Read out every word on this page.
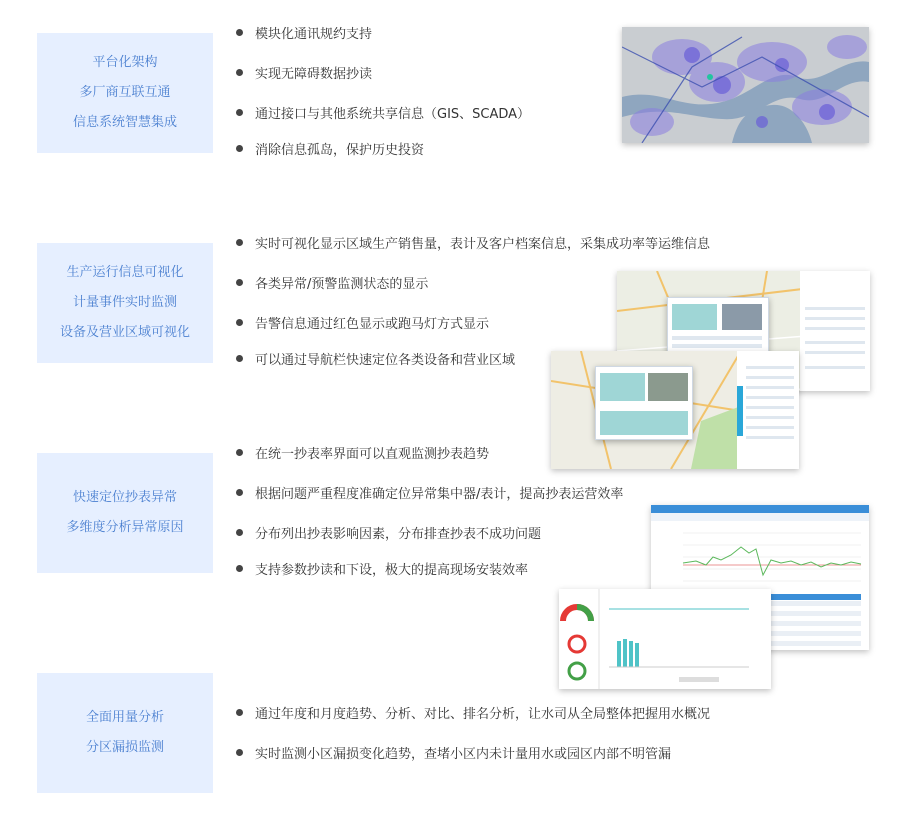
平台化架构
多厂商互联互通
信息系统智慧集成
模块化通讯规约支持
实现无障碍数据抄读
通过接口与其他系统共享信息（GIS、SCADA）
消除信息孤岛，保护历史投资
生产运行信息可视化
计量事件实时监测
设备及营业区域可视化
实时可视化显示区域生产销售量，表计及客户档案信息，采集成功率等运维信息
各类异常/预警监测状态的显示
告警信息通过红色显示或跑马灯方式显示
可以通过导航栏快速定位各类设备和营业区域
快速定位抄表异常
多维度分析异常原因
在统一抄表率界面可以直观监测抄表趋势
根据问题严重程度准确定位异常集中器/表计，提高抄表运营效率
分布列出抄表影响因素，分布排查抄表不成功问题
支持参数抄读和下设，极大的提高现场安装效率
全面用量分析
分区漏损监测
通过年度和月度趋势、分析、对比、排名分析，让水司从全局整体把握用水概况
实时监测小区漏损变化趋势，查堵小区内未计量用水或园区内部不明管漏
